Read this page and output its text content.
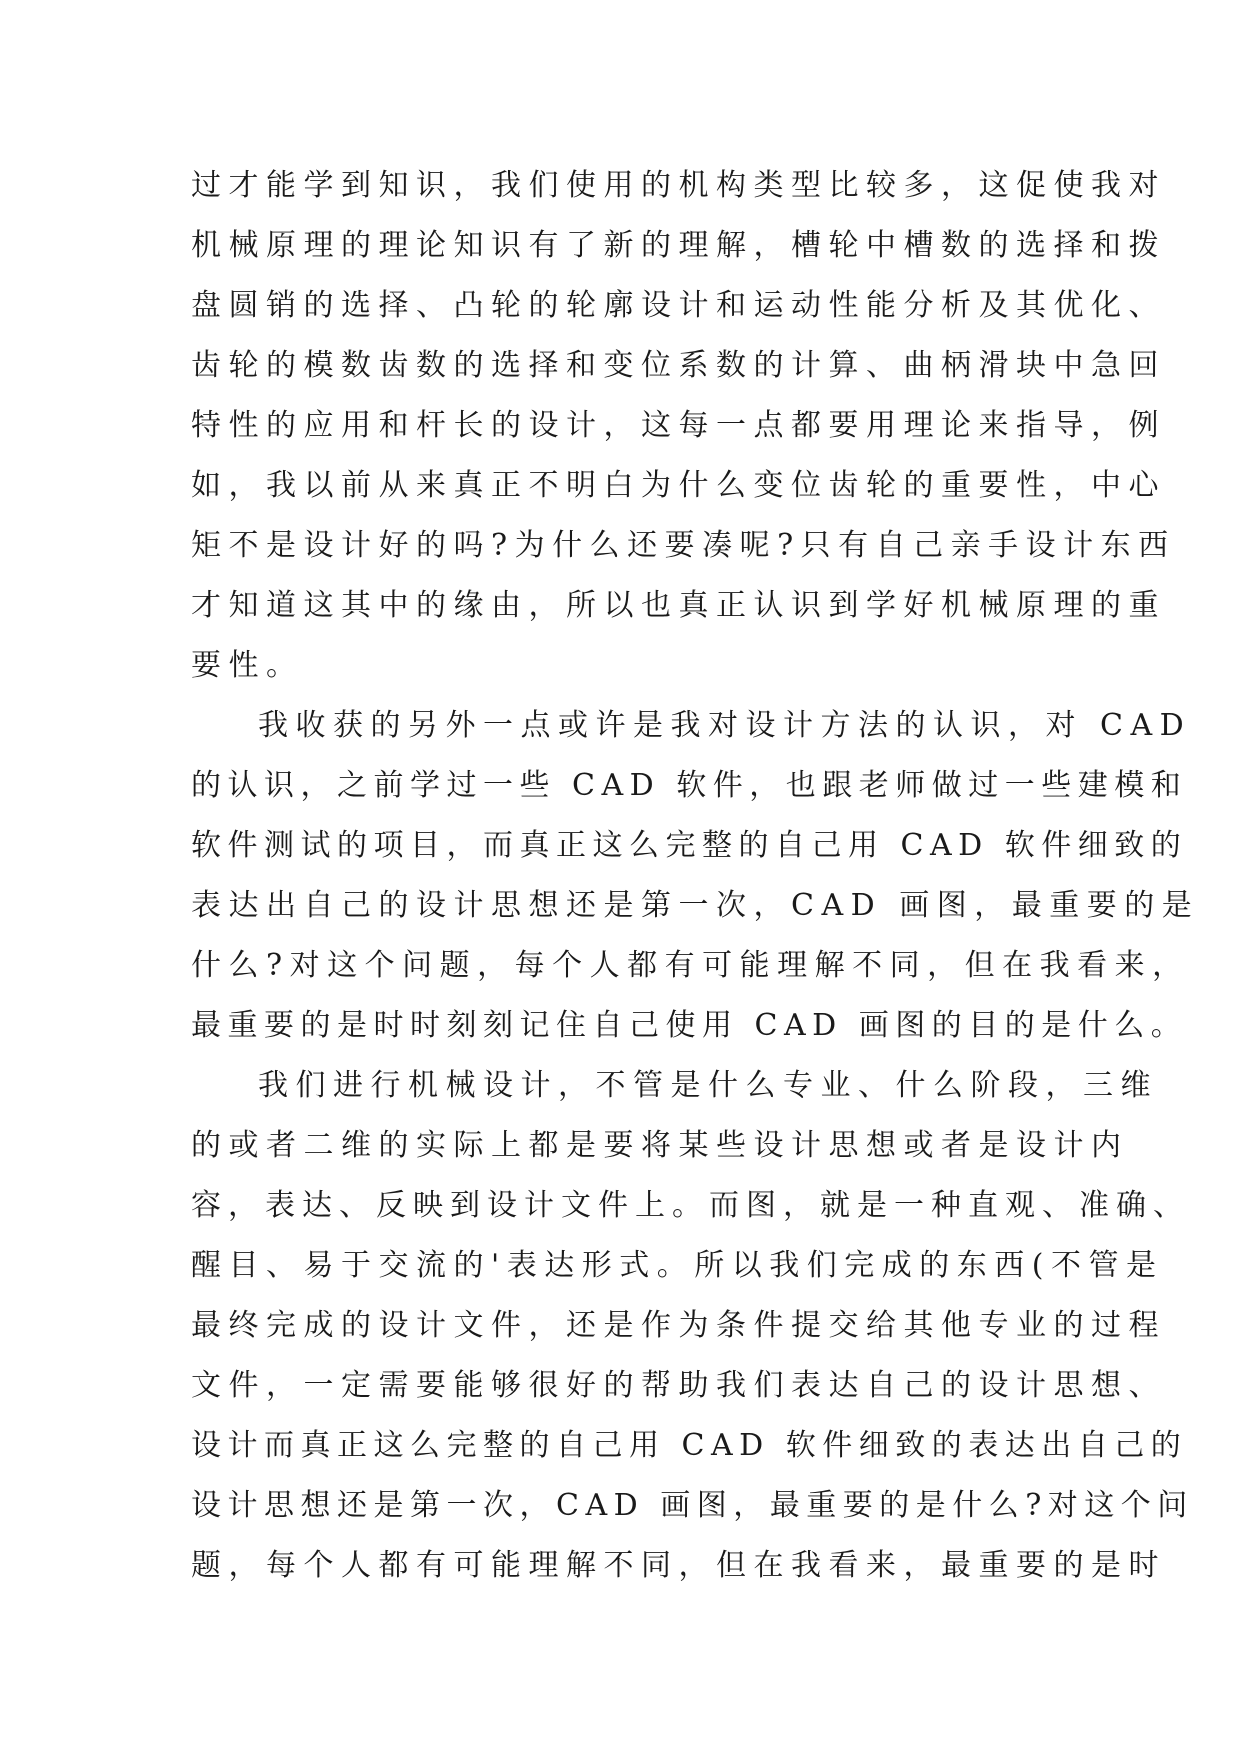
过才能学到知识，我们使用的机构类型比较多，这促使我对
机械原理的理论知识有了新的理解，槽轮中槽数的选择和拨
盘圆销的选择、凸轮的轮廓设计和运动性能分析及其优化、
齿轮的模数齿数的选择和变位系数的计算、曲柄滑块中急回
特性的应用和杆长的设计，这每一点都要用理论来指导，例
如，我以前从来真正不明白为什么变位齿轮的重要性，中心
矩不是设计好的吗?为什么还要凑呢?只有自己亲手设计东西
才知道这其中的缘由，所以也真正认识到学好机械原理的重
要性。
我收获的另外一点或许是我对设计方法的认识，对 CAD
的认识，之前学过一些 CAD 软件，也跟老师做过一些建模和
软件测试的项目，而真正这么完整的自己用 CAD 软件细致的
表达出自己的设计思想还是第一次，CAD 画图，最重要的是
什么?对这个问题，每个人都有可能理解不同，但在我看来，
最重要的是时时刻刻记住自己使用 CAD 画图的目的是什么。
我们进行机械设计，不管是什么专业、什么阶段，三维
的或者二维的实际上都是要将某些设计思想或者是设计内
容，表达、反映到设计文件上。而图，就是一种直观、准确、
醒目、易于交流的'表达形式。所以我们完成的东西(不管是
最终完成的设计文件，还是作为条件提交给其他专业的过程
文件，一定需要能够很好的帮助我们表达自己的设计思想、
设计而真正这么完整的自己用 CAD 软件细致的表达出自己的
设计思想还是第一次，CAD 画图，最重要的是什么?对这个问
题，每个人都有可能理解不同，但在我看来，最重要的是时
